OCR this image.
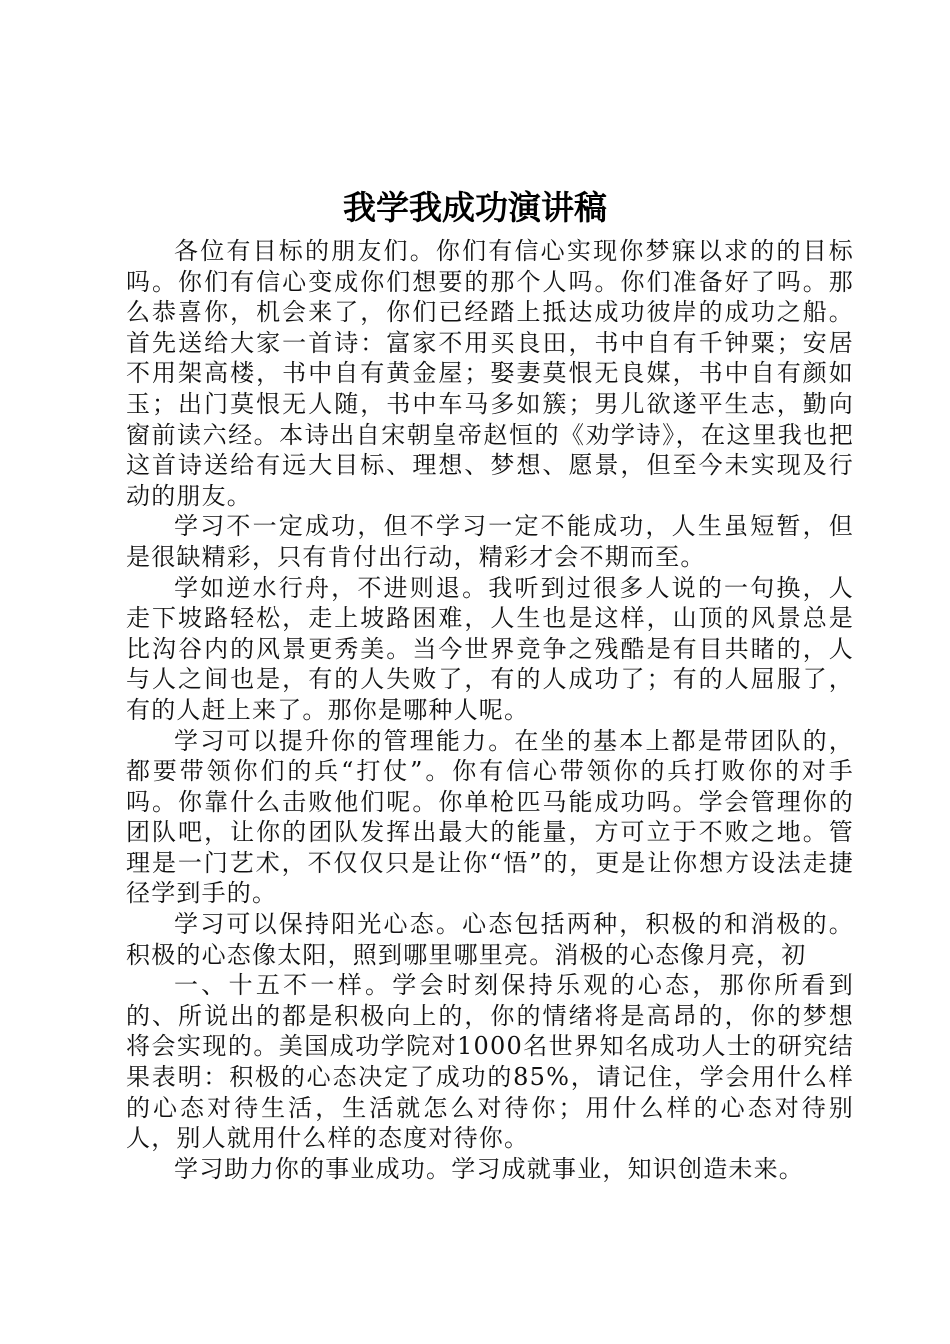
我学我成功演讲稿

各位有目标的朋友们。你们有信心实现你梦寐以求的的目标吗。你们有信心变成你们想要的那个人吗。你们准备好了吗。那么恭喜你，机会来了，你们已经踏上抵达成功彼岸的成功之船。首先送给大家一首诗：富家不用买良田，书中自有千钟粟；安居不用架高楼，书中自有黄金屋；娶妻莫恨无良媒，书中自有颜如玉；出门莫恨无人随，书中车马多如簇；男儿欲遂平生志，勤向窗前读六经。本诗出自宋朝皇帝赵恒的《劝学诗》，在这里我也把这首诗送给有远大目标、理想、梦想、愿景，但至今未实现及行动的朋友。

学习不一定成功，但不学习一定不能成功，人生虽短暂，但是很缺精彩，只有肯付出行动，精彩才会不期而至。

学如逆水行舟，不进则退。我听到过很多人说的一句换，人走下坡路轻松，走上坡路困难，人生也是这样，山顶的风景总是比沟谷内的风景更秀美。当今世界竞争之残酷是有目共睹的，人与人之间也是，有的人失败了，有的人成功了；有的人屈服了，有的人赶上来了。那你是哪种人呢。

学习可以提升你的管理能力。在坐的基本上都是带团队的，都要带领你们的兵“打仗”。你有信心带领你的兵打败你的对手吗。你靠什么击败他们呢。你单枪匹马能成功吗。学会管理你的团队吧，让你的团队发挥出最大的能量，方可立于不败之地。管理是一门艺术，不仅仅只是让你“悟”的，更是让你想方设法走捷径学到手的。

学习可以保持阳光心态。心态包括两种，积极的和消极的。积极的心态像太阳，照到哪里哪里亮。消极的心态像月亮，初

一、十五不一样。学会时刻保持乐观的心态，那你所看到的、所说出的都是积极向上的，你的情绪将是高昂的，你的梦想将会实现的。美国成功学院对1000名世界知名成功人士的研究结果表明：积极的心态决定了成功的85%，请记住，学会用什么样的心态对待生活，生活就怎么对待你；用什么样的心态对待别人，别人就用什么样的态度对待你。

学习助力你的事业成功。学习成就事业，知识创造未来。
